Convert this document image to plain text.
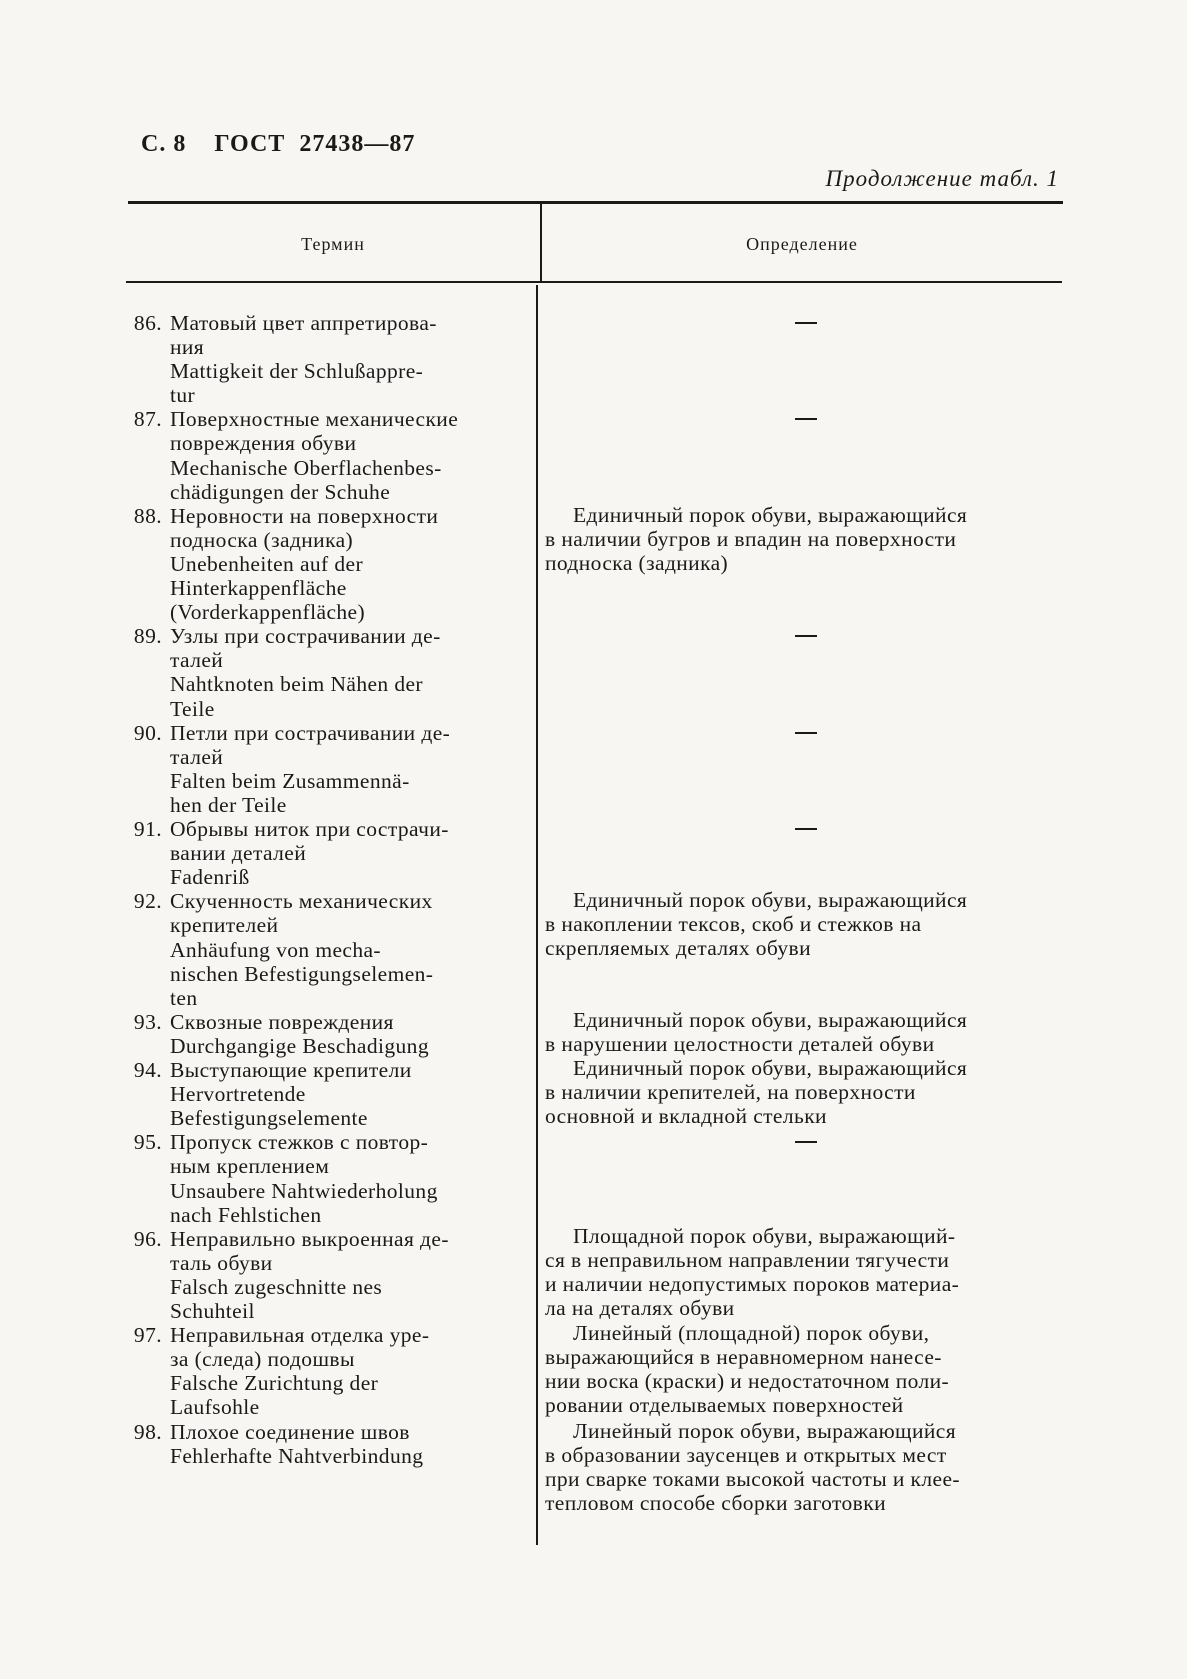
С. 8 ГОСТ  27438—87

Продолжение табл. 1
Термин	Определение
86. Матовый цвет аппретирова-
ния
Mattigkeit der Schlußappre-
tur
87. Поверхностные механические
повреждения обуви
Mechanische Oberflachenbes-
chädigungen der Schuhe
88. Неровности на поверхности
подноска (задника)
Unebenheiten auf der
Hinterkappenfläche
(Vorderkappenfläche)
89. Узлы при сострачивании де-
талей
Nahtknoten beim Nähen der
Teile
90. Петли при сострачивании де-
талей
Falten beim Zusammennä-
hen der Teile
91. Обрывы ниток при сострачи-
вании деталей
Fadenriß
92. Скученность механических
крепителей
Anhäufung von mecha-
nischen Befestigungselemen-
ten
93. Сквозные повреждения
Durchgangige Beschadigung
94. Выступающие крепители
Hervortretende
Befestigungselemente
95. Пропуск стежков с повтор-
ным креплением
Unsaubere Nahtwiederholung
nach Fehlstichen
96. Неправильно выкроенная де-
таль обуви
Falsch zugeschnitte nes
Schuhteil
97. Неправильная отделка уре-
за (следа) подошвы
Falsche Zurichtung der
Laufsohle
98. Плохое соединение швов
Fehlerhafte Nahtverbindung
Единичный порок обуви, выражающийся
в наличии бугров и впадин на поверхности
подноска (задника)
Единичный порок обуви, выражающийся
в накоплении тексов, скоб и стежков на
скрепляемых деталях обуви
Единичный порок обуви, выражающийся
в нарушении целостности деталей обуви
Единичный порок обуви, выражающийся
в наличии крепителей, на поверхности
основной и вкладной стельки
Площадной порок обуви, выражающий-
ся в неправильном направлении тягучести
и наличии недопустимых пороков материа-
ла на деталях обуви
Линейный (площадной) порок обуви,
выражающийся в неравномерном нанесе-
нии воска (краски) и недостаточном поли-
ровании отделываемых поверхностей
Линейный порок обуви, выражающийся
в образовании заусенцев и открытых мест
при сварке токами высокой частоты и клее-
тепловом способе сборки заготовки
